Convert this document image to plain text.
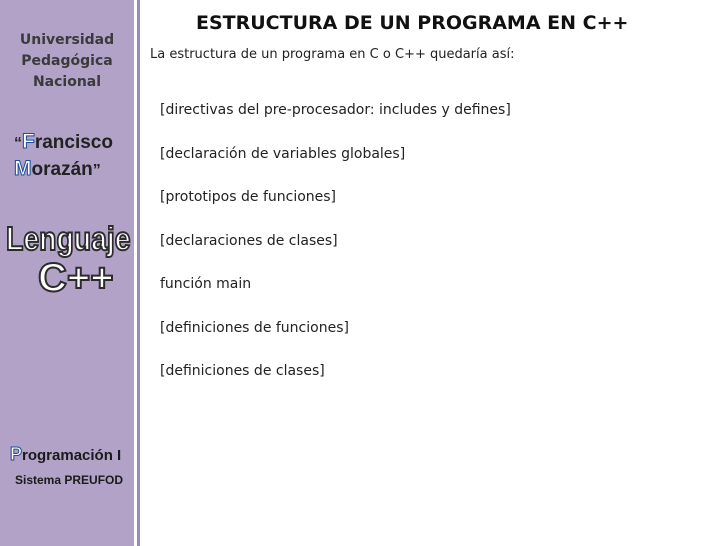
Universidad
Pedagógica
Nacional
“Francisco
Morazán”
Lenguaje
C++
Programación I
Sistema PREUFOD
ESTRUCTURA DE UN PROGRAMA EN C++
La estructura de un programa en C o C++ quedaría así:
[directivas del pre-procesador: includes y defines]
[declaración de variables globales]
[prototipos de funciones]
[declaraciones de clases]
función main
[definiciones de funciones]
[definiciones de clases]
